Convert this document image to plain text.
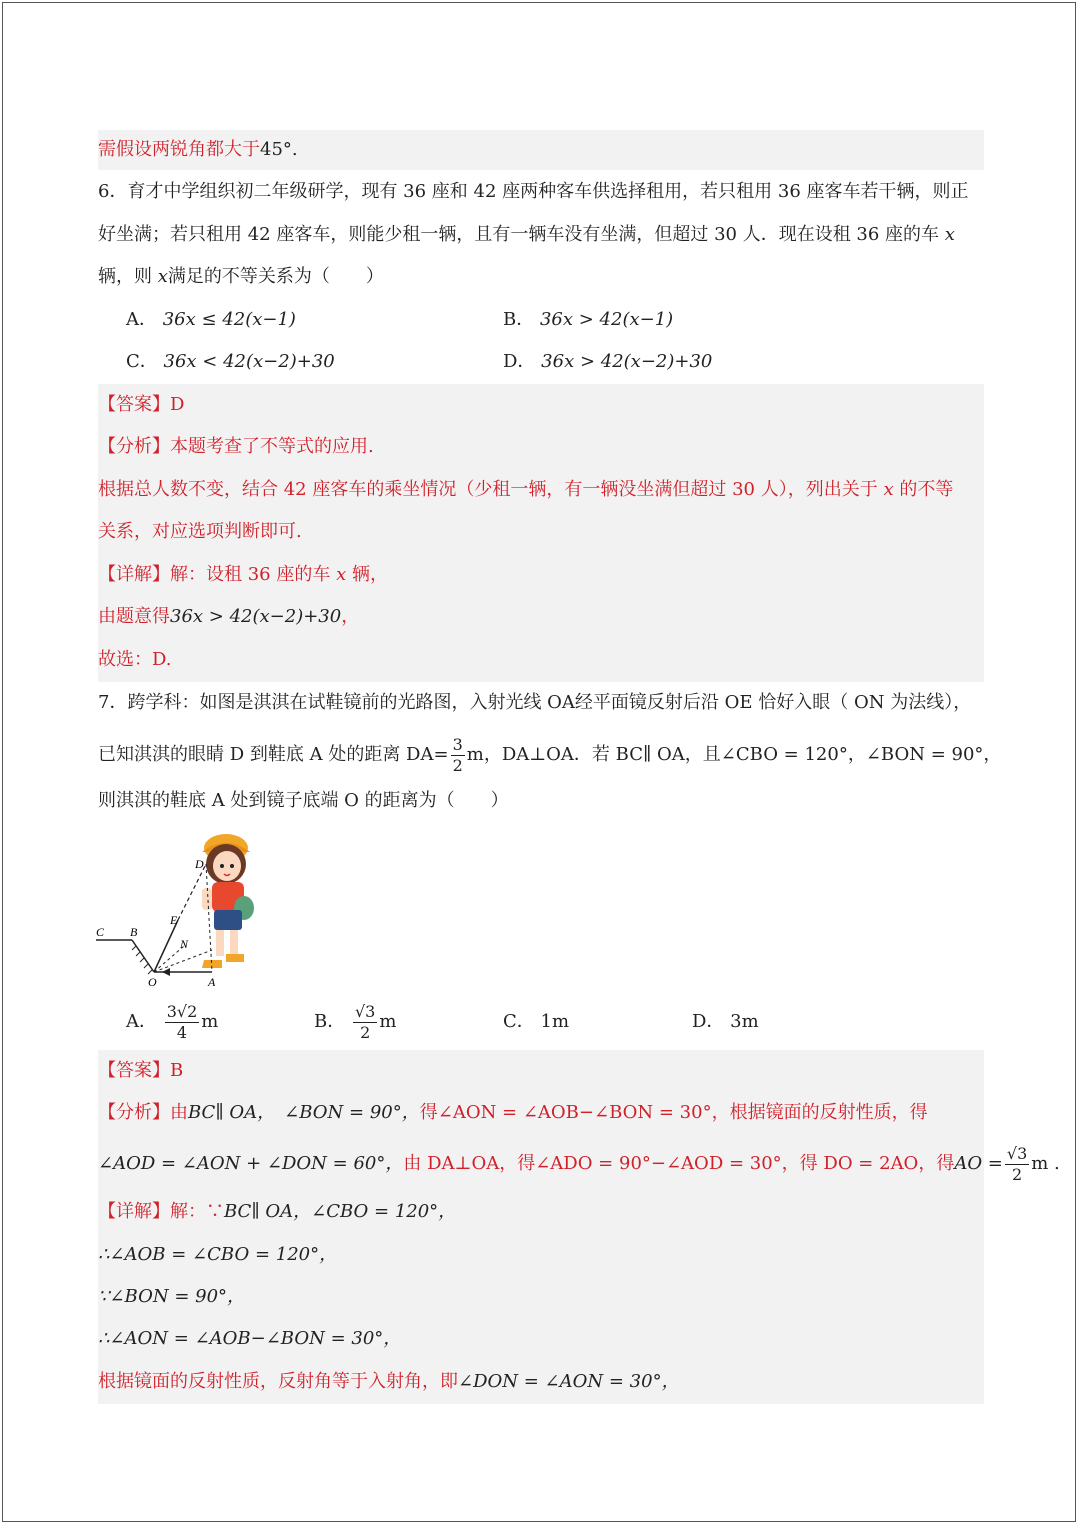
需假设两锐角都大于45°.
6．育才中学组织初二年级研学，现有 36 座和 42 座两种客车供选择租用，若只租用 36 座客车若干辆，则正
好坐满；若只租用 42 座客车，则能少租一辆，且有一辆车没有坐满，但超过 30 人．现在设租 36 座的车 x
辆，则 x满足的不等关系为（　　）
A． 36x ≤ 42(x−1)	B． 36x > 42(x−1)
C． 36x < 42(x−2)+30	D． 36x > 42(x−2)+30
【答案】D
【分析】本题考查了不等式的应用.
根据总人数不变，结合 42 座客车的乘坐情况（少租一辆，有一辆没坐满但超过 30 人），列出关于 x 的不等
关系，对应选项判断即可.
【详解】解：设租 36 座的车 x 辆，
由题意得36x > 42(x−2)+30，
故选：D.
7．跨学科：如图是淇淇在试鞋镜前的光路图，入射光线 OA经平面镜反射后沿 OE 恰好入眼（ ON 为法线），
已知淇淇的眼睛 D 到鞋底 A 处的距离 $DA= \frac{3}{2}$ m，DA⊥OA．若 BC∥ OA，且∠CBO = 120°，∠BON = 90°，
则淇淇的鞋底 A 处到镜子底端 O 的距离为（　　）
C B
O
E
N
D
A
A． $\frac{3√2}{4}$ m	B． $\frac{√3}{2}$ m	C． 1m	D． 3m
【答案】B
【分析】由BC∥ OA，　 ∠BON = 90°，得∠AON = ∠AOB−∠BON = 30°，根据镜面的反射性质，得
∠AOD = ∠AON + ∠DON = 60°，由 DA⊥OA，得∠ADO = 90°−∠AOD = 30°，得 DO = 2AO，得AO = $\frac{√3}{2}$ m .
【详解】解：∵BC∥ OA，∠CBO = 120°，
∴∠AOB = ∠CBO = 120°，
∵∠BON = 90°，
∴∠AON = ∠AOB−∠BON = 30°，
根据镜面的反射性质，反射角等于入射角，即∠DON = ∠AON = 30°，
